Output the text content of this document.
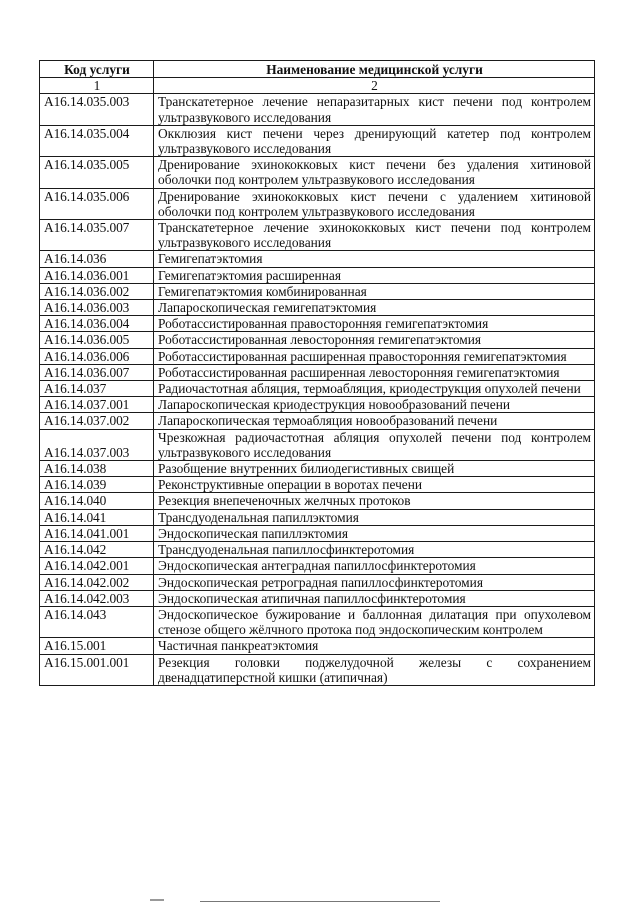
Код услуги	Наименование медицинской услуги
1	2
A16.14.035.003	Транскатетерное лечение непаразитарных кист печени под контролем ультразвукового исследования
A16.14.035.004	Окклюзия кист печени через дренирующий катетер под контролем ультразвукового исследования
A16.14.035.005	Дренирование эхинококковых кист печени без удаления хитиновой оболочки под контролем ультразвукового исследования
A16.14.035.006	Дренирование эхинококковых кист печени с удалением хитиновой оболочки под контролем ультразвукового исследования
A16.14.035.007	Транскатетерное лечение эхинококковых кист печени под контролем ультразвукового исследования
A16.14.036	Гемигепатэктомия
A16.14.036.001	Гемигепатэктомия расширенная
A16.14.036.002	Гемигепатэктомия комбинированная
A16.14.036.003	Лапароскопическая гемигепатэктомия
A16.14.036.004	Роботассистированная правосторонняя гемигепатэктомия
A16.14.036.005	Роботассистированная левосторонняя гемигепатэктомия
A16.14.036.006	Роботассистированная расширенная правосторонняя гемигепатэктомия
A16.14.036.007	Роботассистированная расширенная левосторонняя гемигепатэктомия
A16.14.037	Радиочастотная абляция, термоабляция, криодеструкция опухолей печени
A16.14.037.001	Лапароскопическая криодеструкция новообразований печени
A16.14.037.002	Лапароскопическая термоабляция новообразований печени
A16.14.037.003	Чрезкожная радиочастотная абляция опухолей печени под контролем ультразвукового исследования
A16.14.038	Разобщение внутренних билиодегистивных свищей
A16.14.039	Реконструктивные операции в воротах печени
A16.14.040	Резекция внепеченочных желчных протоков
A16.14.041	Трансдуоденальная папиллэктомия
A16.14.041.001	Эндоскопическая папиллэктомия
A16.14.042	Трансдуоденальная папиллосфинктеротомия
A16.14.042.001	Эндоскопическая антеградная папиллосфинктеротомия
A16.14.042.002	Эндоскопическая ретроградная папиллосфинктеротомия
A16.14.042.003	Эндоскопическая атипичная папиллосфинктеротомия
A16.14.043	Эндоскопическое бужирование и баллонная дилатация при опухолевом стенозе общего жёлчного протока под эндоскопическим контролем
A16.15.001	Частичная панкреатэктомия
A16.15.001.001	Резекция головки поджелудочной железы с сохранением двенадцатиперстной кишки (атипичная)
